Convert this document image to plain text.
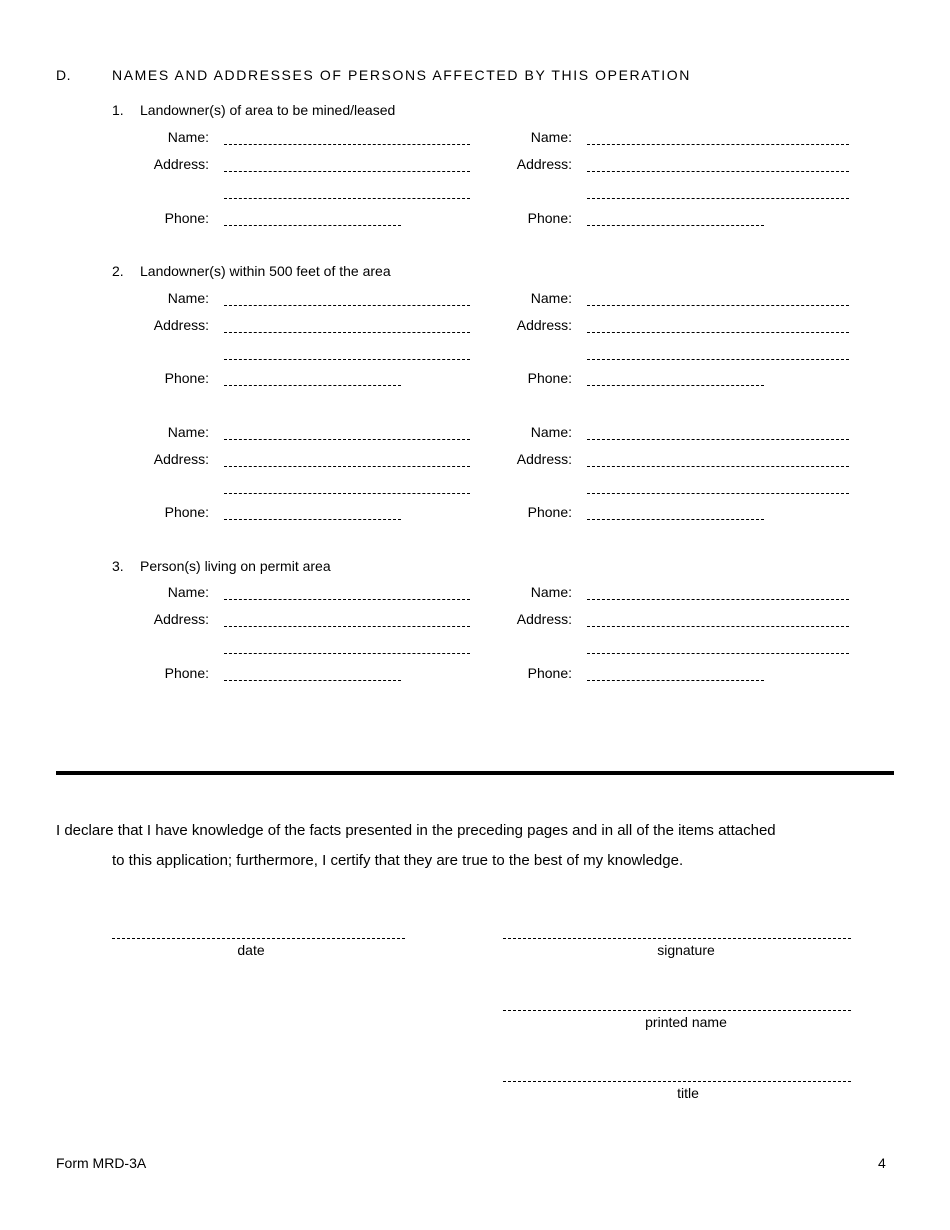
D.	NAMES AND ADDRESSES OF PERSONS AFFECTED BY THIS OPERATION
1. Landowner(s) of area to be mined/leased
Name:	Name:
Address:	Address:
Phone:	Phone:
2. Landowner(s) within 500 feet of the area
Name:	Name:
Address:	Address:
Phone:	Phone:
Name:	Name:
Address:	Address:
Phone:	Phone:
3. Person(s) living on permit area
Name:	Name:
Address:	Address:
Phone:	Phone:
I declare that I have knowledge of the facts presented in the preceding pages and in all of the items attached
to this application; furthermore, I certify that they are true to the best of my knowledge.
date	signature
printed name
title
Form MRD-3A	4
